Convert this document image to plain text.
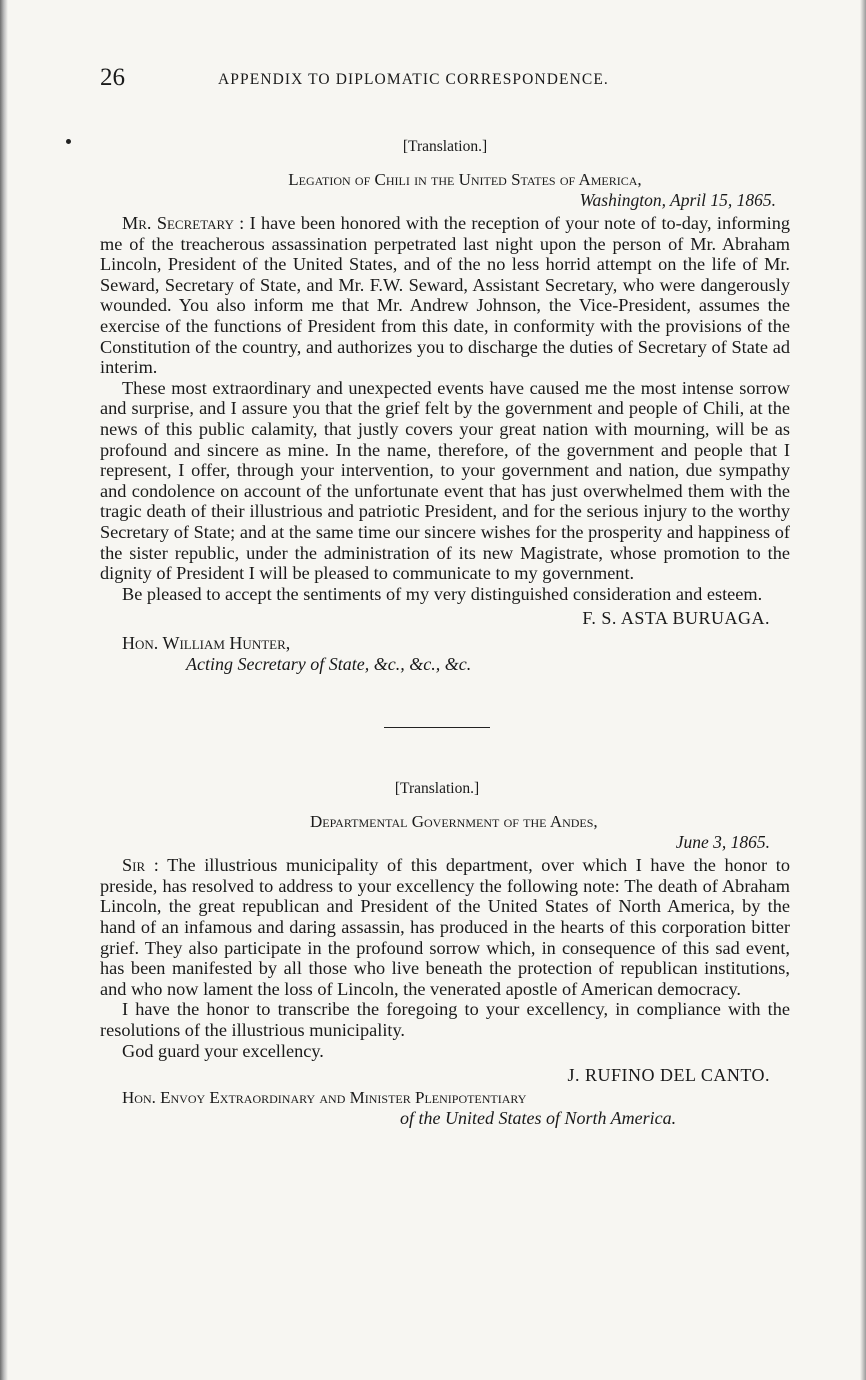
26	APPENDIX TO DIPLOMATIC CORRESPONDENCE.
[Translation.]
Legation of Chili in the United States of America,
Washington, April 15, 1865.

Mr. Secretary : I have been honored with the reception of your note of to-day, informing me of the treacherous assassination perpetrated last night upon the person of Mr. Abraham Lincoln, President of the United States, and of the no less horrid attempt on the life of Mr. Seward, Secretary of State, and Mr. F.W. Seward, Assistant Secretary, who were dangerously wounded. You also inform me that Mr. Andrew Johnson, the Vice-President, assumes the exercise of the functions of President from this date, in conformity with the provisions of the Constitution of the country, and authorizes you to discharge the duties of Secretary of State ad interim.

These most extraordinary and unexpected events have caused me the most intense sorrow and surprise, and I assure you that the grief felt by the government and people of Chili, at the news of this public calamity, that justly covers your great nation with mourning, will be as profound and sincere as mine. In the name, therefore, of the government and people that I represent, I offer, through your intervention, to your government and nation, due sympathy and condolence on account of the unfortunate event that has just overwhelmed them with the tragic death of their illustrious and patriotic President, and for the serious injury to the worthy Secretary of State; and at the same time our sincere wishes for the prosperity and happiness of the sister republic, under the administration of its new Magistrate, whose promotion to the dignity of President I will be pleased to communicate to my government.

Be pleased to accept the sentiments of my very distinguished consideration and esteem.

F. S. ASTA BURUAGA.
Hon. William Hunter,
Acting Secretary of State, &c., &c., &c.
[Translation.]
Departmental Government of the Andes,
June 3, 1865.

Sir : The illustrious municipality of this department, over which I have the honor to preside, has resolved to address to your excellency the following note: The death of Abraham Lincoln, the great republican and President of the United States of North America, by the hand of an infamous and daring assassin, has produced in the hearts of this corporation bitter grief. They also participate in the profound sorrow which, in consequence of this sad event, has been manifested by all those who live beneath the protection of republican institutions, and who now lament the loss of Lincoln, the venerated apostle of American democracy.

I have the honor to transcribe the foregoing to your excellency, in compliance with the resolutions of the illustrious municipality.

God guard your excellency.

J. RUFINO DEL CANTO.
Hon. Envoy Extraordinary and Minister Plenipotentiary
of the United States of North America.
